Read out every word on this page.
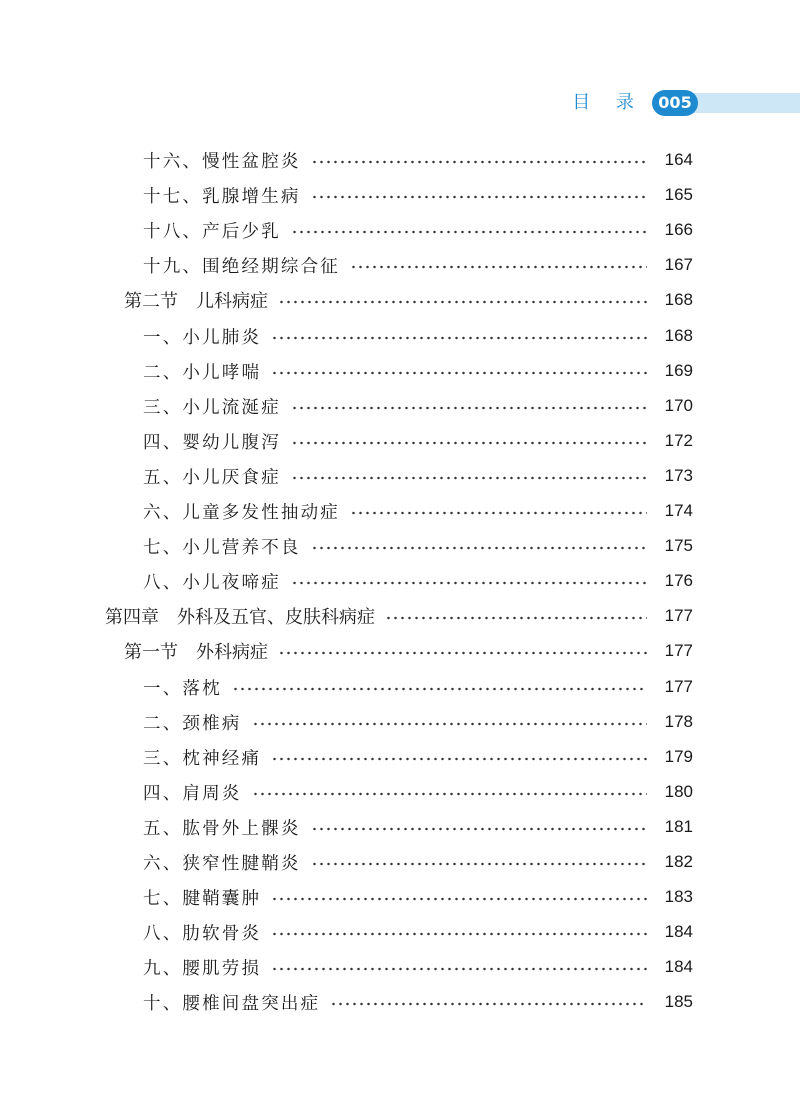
目 录 005
十六、慢性盆腔炎	164
十七、乳腺增生病	165
十八、产后少乳	166
十九、围绝经期综合征	167
第二节　儿科病症	168
一、小儿肺炎	168
二、小儿哮喘	169
三、小儿流涎症	170
四、婴幼儿腹泻	172
五、小儿厌食症	173
六、儿童多发性抽动症	174
七、小儿营养不良	175
八、小儿夜啼症	176
第四章　外科及五官、皮肤科病症	177
第一节　外科病症	177
一、落枕	177
二、颈椎病	178
三、枕神经痛	179
四、肩周炎	180
五、肱骨外上髁炎	181
六、狭窄性腱鞘炎	182
七、腱鞘囊肿	183
八、肋软骨炎	184
九、腰肌劳损	184
十、腰椎间盘突出症	185
